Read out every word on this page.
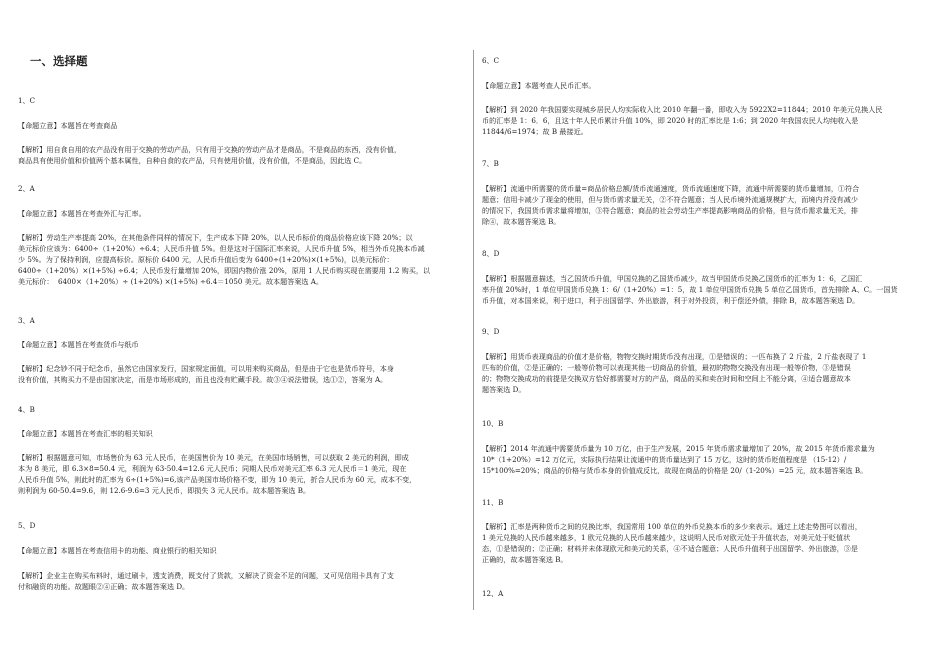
一、选择题
1、C
【命题立意】本题旨在考查商品
【解析】用自食自用的农产品没有用于交换的劳动产品，只有用于交换的劳动产品才是商品，不是商品的东西，没有价值，
商品具有使用价值和价值两个基本属性，自种自食的农产品，只有使用价值，没有价值，不是商品，因此选 C。
2、A
【命题立意】本题旨在考查外汇与汇率。
【解析】劳动生产率提高 20%，在其他条件同样的情况下，生产成本下降 20%，以人民币标价的商品价格应该下降 20%；以
美元标价应该为：6400÷（1+20%）÷6.4；人民币升值 5%。但是这对于国际汇率来说，人民币升值 5%，相当外币兑换本币减
少 5%。为了保持利润，应提高标价。原标价 6400 元，人民币升值后变为 6400÷(1+20%)×(1+5%)，以美元标价：
6400÷（1+20%）×(1+5%) ÷6.4；人民币发行量增加 20%，即国内物价涨 20%，原用 1 人民币购买现在需要用 1.2 购买，以
美元标价：  6400×（1+20%）÷ (1+20%) ×(1+5%) ÷6.4＝1050 美元。故本题答案选 A。
3、A
【命题立意】本题旨在考查货币与纸币
【解析】纪念钞不同于纪念币，虽然它由国家发行，国家规定面值，可以用来购买商品，但是由于它也是货币符号，本身
没有价值，其购买力不是由国家决定，而是市场形成的，而且也没有贮藏手段。故③④说法错误，选①②，答案为 A。
4、B
【命题立意】本题旨在考查汇率的相关知识
【解析】根据题意可知，市场售价为 63 元人民币，在美国售价为 10 美元，在美国市场销售，可以获取 2 美元的利润，即成
本为 8 美元，即 6.3×8=50.4 元，利润为 63-50.4=12.6 元人民币；同期人民币对美元汇率 6.3 元人民币＝1 美元，现在
人民币升值 5%，则此时的汇率为 6÷(1+5%)=6,该产品美国市场价格不变，即为 10 美元，折合人民币为 60 元，成本不变，
则利润为 60-50.4=9.6，则 12.6-9.6=3 元人民币，即损失 3 元人民币。故本题答案选 B。
5、D
【命题立意】本题旨在考查信用卡的功能、商业银行的相关知识
【解析】企业主在购买布料时，通过刷卡，透支消费，既支付了货款，又解决了资金不足的问题，又可见信用卡具有了支
付和融资的功能。故题眼②④正确；故本题答案选 D。
6、C
【命题立意】本题考查人民币汇率。
【解析】到 2020 年我国要实现城乡居民人均实际收入比 2010 年翻一番，即收入为 5922X2=11844；2010 年美元兑换人民
币的汇率是 1：6．6，且这十年人民币累计升值 10%，即 2020 时的汇率比是 1:6；到 2020 年我国农民人均纯收入是
11844/6=1974；故 B 最接近。
7、B
【解析】流通中所需要的货币量=商品价格总额/货币流通速度，货币流通速度下降，流通中所需要的货币量增加，①符合
题意；信用卡减少了现金的使用，但与货币需求量无关，②不符合题意；当人民币境外流通规模扩大，而境内并没有减少
的情况下，我国货币需求量将增加，③符合题意；商品的社会劳动生产率提高影响商品的价格，但与货币需求量无关，排
除④，故本题答案选 B。
8、D
【解析】根据题意描述，当乙国货币升值，甲国兑换的乙国货币减少，故当甲国货币兑换乙国货币的汇率为 1：6，乙国汇
率升值 20%时，1 单位甲国货币兑换 1：6/（1+20%）=1：5，故 1 单位甲国货币兑换 5 单位乙国货币，首先排除 A、C。一国货
币升值，对本国来说，利于进口，利于出国留学、外出旅游，利于对外投资，利于偿还外债，排除 B，故本题答案选 D。
9、D
【解析】用货币表现商品的价值才是价格，物物交换时期货币没有出现，①是错误的；一匹布换了 2 斤盐，2 斤盐表现了 1
匹布的价值，②是正确的；一般等价物可以表现其他一切商品的价值，最初的物物交换没有出现一般等价物，③是错误
的；物物交换成功的前提是交换双方恰好都需要对方的产品，商品的买和卖在时间和空间上不能分离，④适合题意故本
题答案选 D。
10、B
【解析】2014 年流通中需要货币量为 10 万亿，由于生产发展，2015 年货币需求量增加了 20%，故 2015 年货币需求量为
10*（1+20%）=12 万亿元，实际执行结果让流通中的货币量达到了 15 万亿，这时的货币贬值程度是 （15-12）/
15*100%=20%；商品的价格与货币本身的价值成反比，故现在商品的价格是 20/（1-20%）=25 元，故本题答案选 B。
11、B
【解析】汇率是两种货币之间的兑换比率，我国常用 100 单位的外币兑换本币的多少来表示。通过上述走势图可以看出，
1 美元兑换的人民币越来越多，1 欧元兑换的人民币越来越少，这说明人民币对欧元处于升值状态，对美元处于贬值状
态，①是错误的；②正确；材料并未体现欧元和美元的关系，④不适合题意；人民币升值利于出国留学、外出旅游，③是
正确的，故本题答案选 B。
12、A
